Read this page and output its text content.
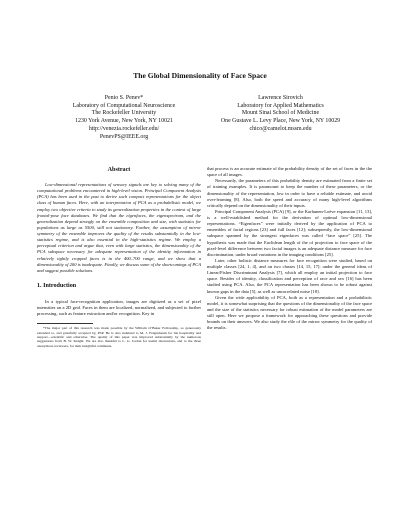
The Global Dimensionality of Face Space
Penio S. Penev*
Laboratory of Computational Neuroscience
The Rockefeller University
1230 York Avenue, New York, NY 10021
http://venezia.rockefeller.edu/
PenevPS@IEEE.org
Lawrence Sirovich
Laboratory for Applied Mathematics
Mount Sinai School of Medicine
One Gustave L. Levy Place, New York, NY 10029
chico@camelot.mssm.edu
Abstract

Low-dimensional representations of sensory signals are key to solving many of the computational problems encountered in high-level vision. Principal Component Analysis (PCA) has been used in the past to derive such compact representations for the object class of human faces. Here, with an interpretation of PCA as a probabilistic model, we employ two objective criteria to study its generalization properties in the context of large frontal-pose face databases. We find that the eigenfaces, the eigenspectrum, and the generalization depend strongly on the ensemble composition and size, with statistics for populations as large as 5500, still not stationary. Further, the assumption of mirror symmetry of the ensemble improves the quality of the results substantially in the low-statistics regime, and is also essential in the high-statistics regime. We employ a perceptual criterion and argue that, even with large statistics, the dimensionality of the PCA subspace necessary for adequate representation of the identity information in relatively tightly cropped faces is in the 400–700 range, and we show that a dimensionality of 200 is inadequate. Finally, we discuss some of the shortcomings of PCA and suggest possible solutions.

1. Introduction

In a typical face-recognition application, images are digitized as a set of pixel intensities on a 2D grid. Faces in them are localized, normalized, and subjected to further processing, such as feature extraction and/or recognition. Key in

*The major part of this research was made possible by the William O’Baker Fellowship, so generously extended to, and gratefully accepted by, PSP. He is also indebted to M. J. Feigenbaum for his hospitality and support—scientific and otherwise. The quality of this paper was improved substantially by the numerous suggestions from B. W. Knight. We are also thankful to L. G. Jordan for useful discussions, and to the three anonymous reviewers, for their insightful comments.

that process is an accurate estimate of the probability density of the set of faces in the the space of all images.

Necessarily, the parameters of this probability density are estimated from a finite set of training examples. It is paramount to keep the number of these parameters, or the dimensionality of the representation, low in order to have a reliable estimate, and avoid over-learning [8]. Also, both the speed and accuracy of many high-level algorithms critically depend on the dimensionality of their inputs.

Principal Component Analysis (PCA) [9], or the Karhunen-Loève expansion [11, 13], is a well-established method for the derivation of optimal low-dimensional representations. “Eigenfaces” were initially derived by the application of PCA to ensembles of facial regions [23] and full faces [12]; subsequently, the low-dimensional subspace spanned by the strongest eigenfaces was called “face space” [25]. The hypothesis was made that the Euclidean length of the of projection to face space of the pixel-level difference between two facial images is an adequate distance measure for face discrimination, under broad variations in the imaging conditions [25].

Later, other holistic distance measures for face recognition were studied, based on multiple classes [24, 1, 4], and on two classes [14, 15, 17]; under the general ideas of Linear/Fisher Discriminant Analysis [7], which all employ an initial projection to face space. Besides of identity, classification and perception of race and sex [16] has been studied using PCA. Also, the PCA representation has been shown to be robust against known gaps in the data [5], as well as uncorrelated noise [18].

Given the wide applicability of PCA, both as a representation and a probabilistic model, it is somewhat surprising that the questions of the dimensionality of the face space and the size of the statistics necessary for robust estimation of the model parameters are still open. Here we propose a framework for approaching these questions and provide bounds on their answers. We also study the rôle of the mirror symmetry for the quality of the results.
